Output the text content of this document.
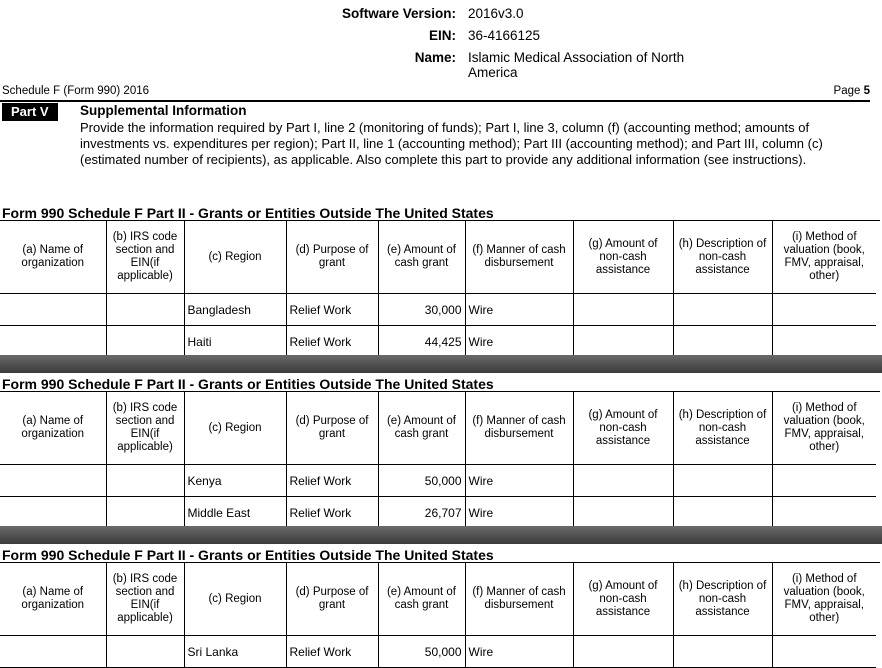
Software Version: 2016v3.0
EIN: 36-4166125
Name: Islamic Medical Association of North
America
Schedule F (Form 990) 2016	Page 5
Part V	Supplemental Information
Provide the information required by Part I, line 2 (monitoring of funds); Part I, line 3, column (f) (accounting method; amounts of investments vs. expenditures per region); Part II, line 1 (accounting method); Part III (accounting method); and Part III, column (c) (estimated number of recipients), as applicable. Also complete this part to provide any additional information (see instructions).
Form 990 Schedule F Part II - Grants or Entities Outside The United States
(a) Name of organization	(b) IRS code section and EIN(if applicable)	(c) Region	(d) Purpose of grant	(e) Amount of cash grant	(f) Manner of cash disbursement	(g) Amount of non-cash assistance	(h) Description of non-cash assistance	(i) Method of valuation (book, FMV, appraisal, other)
		Bangladesh	Relief Work	30,000	Wire			
		Haiti	Relief Work	44,425	Wire			
Form 990 Schedule F Part II - Grants or Entities Outside The United States
(a) Name of organization	(b) IRS code section and EIN(if applicable)	(c) Region	(d) Purpose of grant	(e) Amount of cash grant	(f) Manner of cash disbursement	(g) Amount of non-cash assistance	(h) Description of non-cash assistance	(i) Method of valuation (book, FMV, appraisal, other)
		Kenya	Relief Work	50,000	Wire			
		Middle East	Relief Work	26,707	Wire			
Form 990 Schedule F Part II - Grants or Entities Outside The United States
(a) Name of organization	(b) IRS code section and EIN(if applicable)	(c) Region	(d) Purpose of grant	(e) Amount of cash grant	(f) Manner of cash disbursement	(g) Amount of non-cash assistance	(h) Description of non-cash assistance	(i) Method of valuation (book, FMV, appraisal, other)
		Sri Lanka	Relief Work	50,000	Wire			
